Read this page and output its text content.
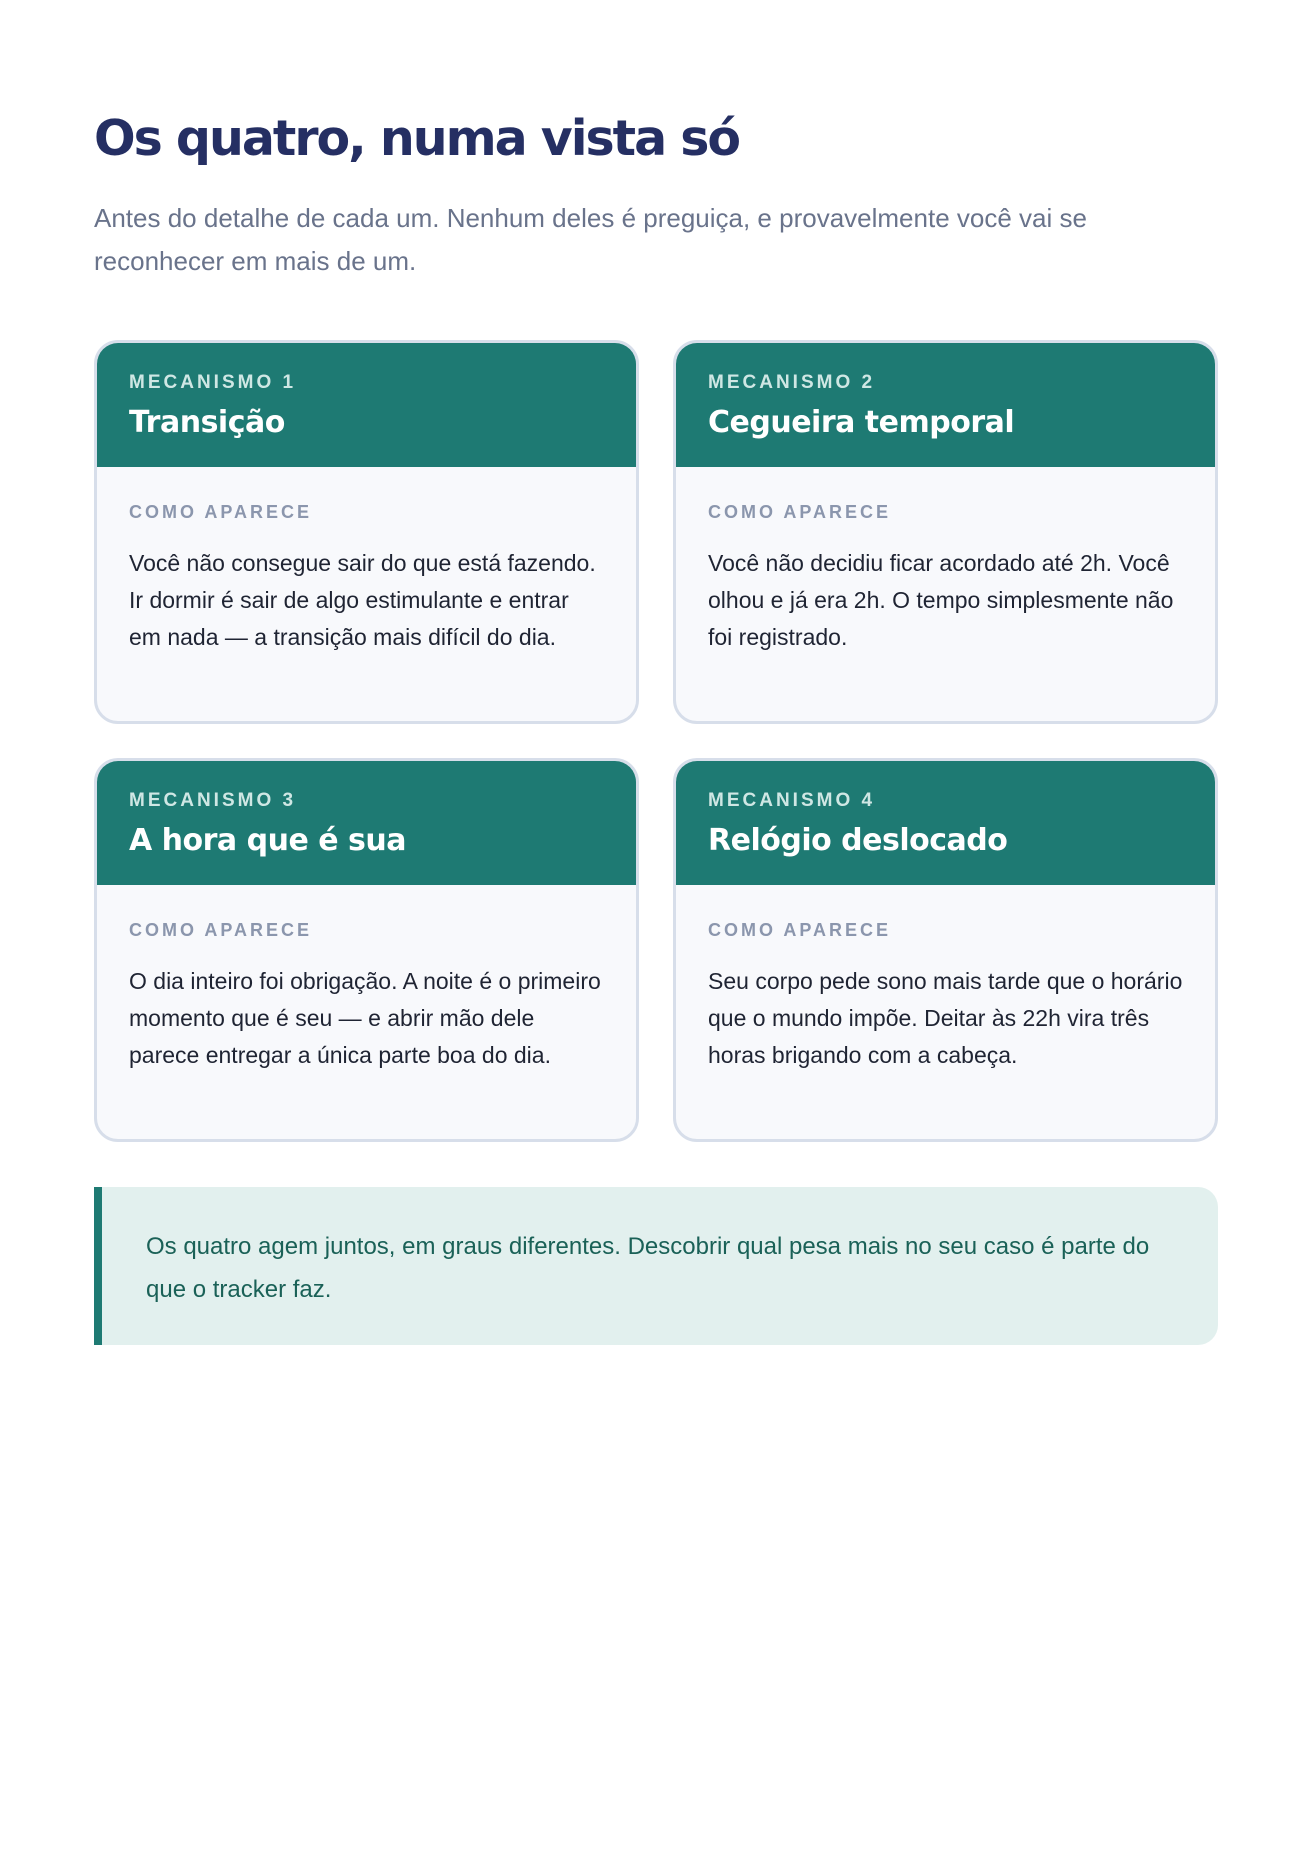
Os quatro, numa vista só

Antes do detalhe de cada um. Nenhum deles é preguiça, e provavelmente você vai se reconhecer em mais de um.

MECANISMO 1
Transição
COMO APARECE
Você não consegue sair do que está fazendo. Ir dormir é sair de algo estimulante e entrar em nada — a transição mais difícil do dia.
MECANISMO 2
Cegueira temporal
COMO APARECE
Você não decidiu ficar acordado até 2h. Você olhou e já era 2h. O tempo simplesmente não foi registrado.
MECANISMO 3
A hora que é sua
COMO APARECE
O dia inteiro foi obrigação. A noite é o primeiro momento que é seu — e abrir mão dele parece entregar a única parte boa do dia.
MECANISMO 4
Relógio deslocado
COMO APARECE
Seu corpo pede sono mais tarde que o horário que o mundo impõe. Deitar às 22h vira três horas brigando com a cabeça.
Os quatro agem juntos, em graus diferentes. Descobrir qual pesa mais no seu caso é parte do que o tracker faz.
